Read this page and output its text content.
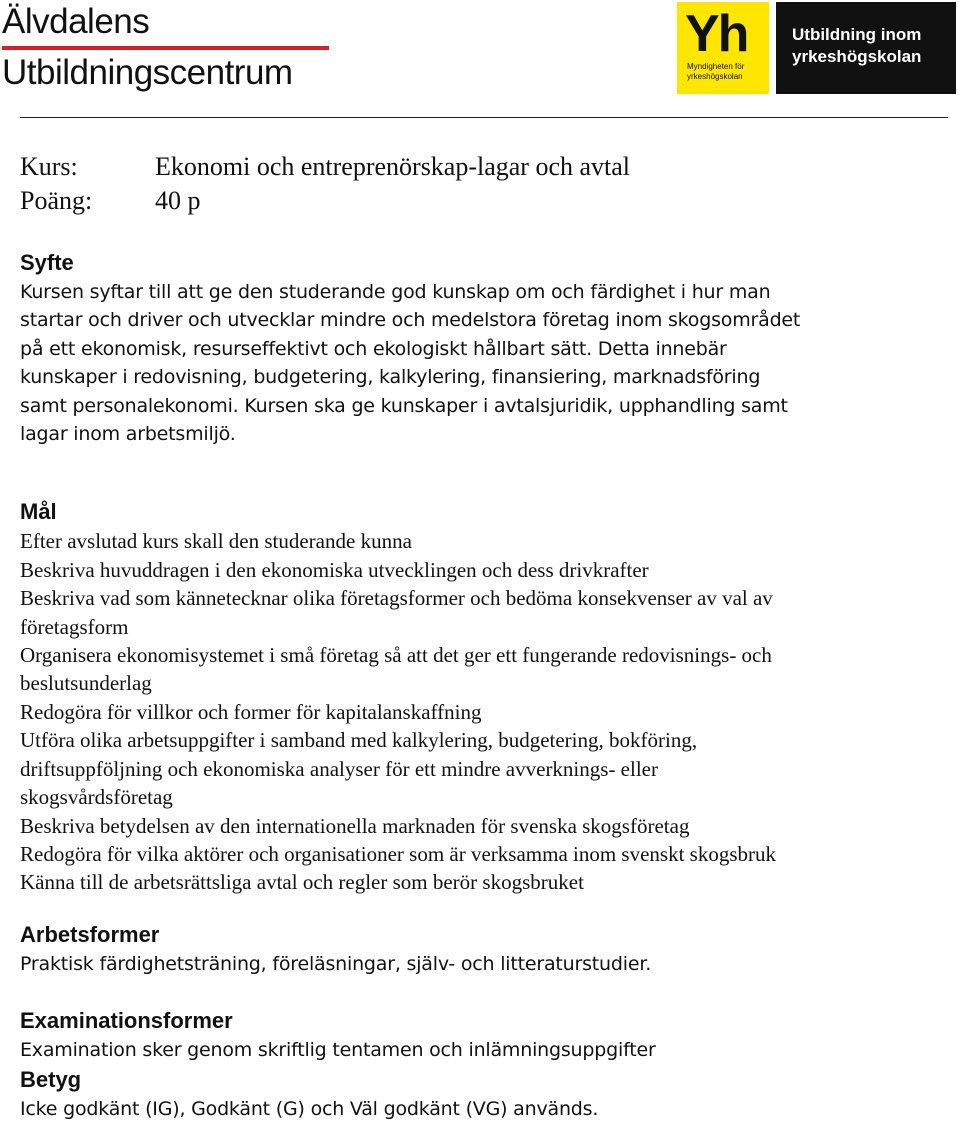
Älvdalens
Utbildningscentrum
Yh
Myndigheten för
yrkeshögskolan
Utbildning inom
yrkeshögskolan
Kurs:	Ekonomi och entreprenörskap-lagar och avtal
Poäng:	40 p

Syfte

Kursen syftar till att ge den studerande god kunskap om och färdighet i hur man

startar och driver och utvecklar mindre och medelstora företag inom skogsområdet

på ett ekonomisk, resurseffektivt och ekologiskt hållbart sätt. Detta innebär

kunskaper i redovisning, budgetering, kalkylering, finansiering, marknadsföring

samt personalekonomi. Kursen ska ge kunskaper i avtalsjuridik, upphandling samt

lagar inom arbetsmiljö.

Mål

Efter avslutad kurs skall den studerande kunna

Beskriva huvuddragen i den ekonomiska utvecklingen och dess drivkrafter

Beskriva vad som kännetecknar olika företagsformer och bedöma konsekvenser av val av

företagsform

Organisera ekonomisystemet i små företag så att det ger ett fungerande redovisnings- och

beslutsunderlag

Redogöra för villkor och former för kapitalanskaffning

Utföra olika arbetsuppgifter i samband med kalkylering, budgetering, bokföring,

driftsuppföljning och ekonomiska analyser för ett mindre avverknings- eller

skogsvårdsföretag

Beskriva betydelsen av den internationella marknaden för svenska skogsföretag

Redogöra för vilka aktörer och organisationer som är verksamma inom svenskt skogsbruk

Känna till de arbetsrättsliga avtal och regler som berör skogsbruket

Arbetsformer

Praktisk färdighetsträning, föreläsningar, själv- och litteraturstudier.

Examinationsformer

Examination sker genom skriftlig tentamen och inlämningsuppgifter

Betyg

Icke godkänt (IG), Godkänt (G) och Väl godkänt (VG) används.
